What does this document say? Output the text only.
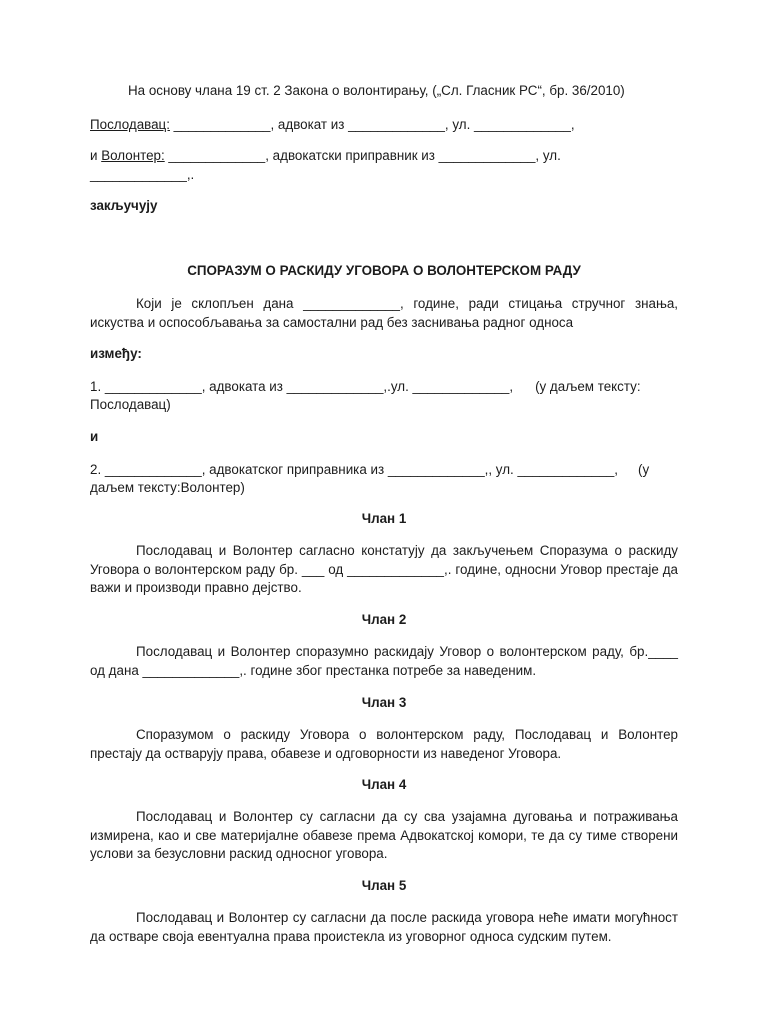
На основу члана 19 ст. 2 Закона о волонтирању, („Сл. Гласник РС“, бр. 36/2010)
Послодавац: _____________, адвокат из _____________, ул. _____________,
и Волонтер: _____________, адвокатски приправник из _____________, ул.
_____________,.
закључују
СПОРАЗУМ О РАСКИДУ УГОВОРА О ВОЛОНТЕРСКОМ РАДУ
Који је склопљен дана _____________, године, ради стицања стручног знања, искуства и оспособљавања за самостални рад без заснивања радног односа
између:
1. _____________, адвоката из _____________,.ул. _____________, (у даљем тексту:
Послодавац)
и
2. _____________, адвокатског приправника из _____________,, ул. _____________, (у
даљем тексту:Волонтер)
Члан 1
Послодавац и Волонтер сагласно констатују да закључењем Споразума о раскиду Уговора о волонтерском раду бр. ___ од _____________,. године, односни Уговор престаје да важи и производи правно дејство.
Члан 2
Послодавац и Волонтер споразумно раскидају Уговор о волонтерском раду, бр.____ од дана _____________,. године због престанка потребе за наведеним.
Члан 3
Споразумом о раскиду Уговора о волонтерском раду, Послодавац и Волонтер престају да остварују права, обавезе и одговорности из наведеног Уговора.
Члан 4
Послодавац и Волонтер су сагласни да су сва узајамна дуговања и потраживања измирена, као и све материјалне обавезе према Адвокатској комори, те да су тиме створени услови за безусловни раскид односног уговора.
Члан 5
Послодавац и Волонтер су сагласни да после раскида уговора неће имати могућност да остваре своја евентуална права проистекла из уговорног односа судским путем.
